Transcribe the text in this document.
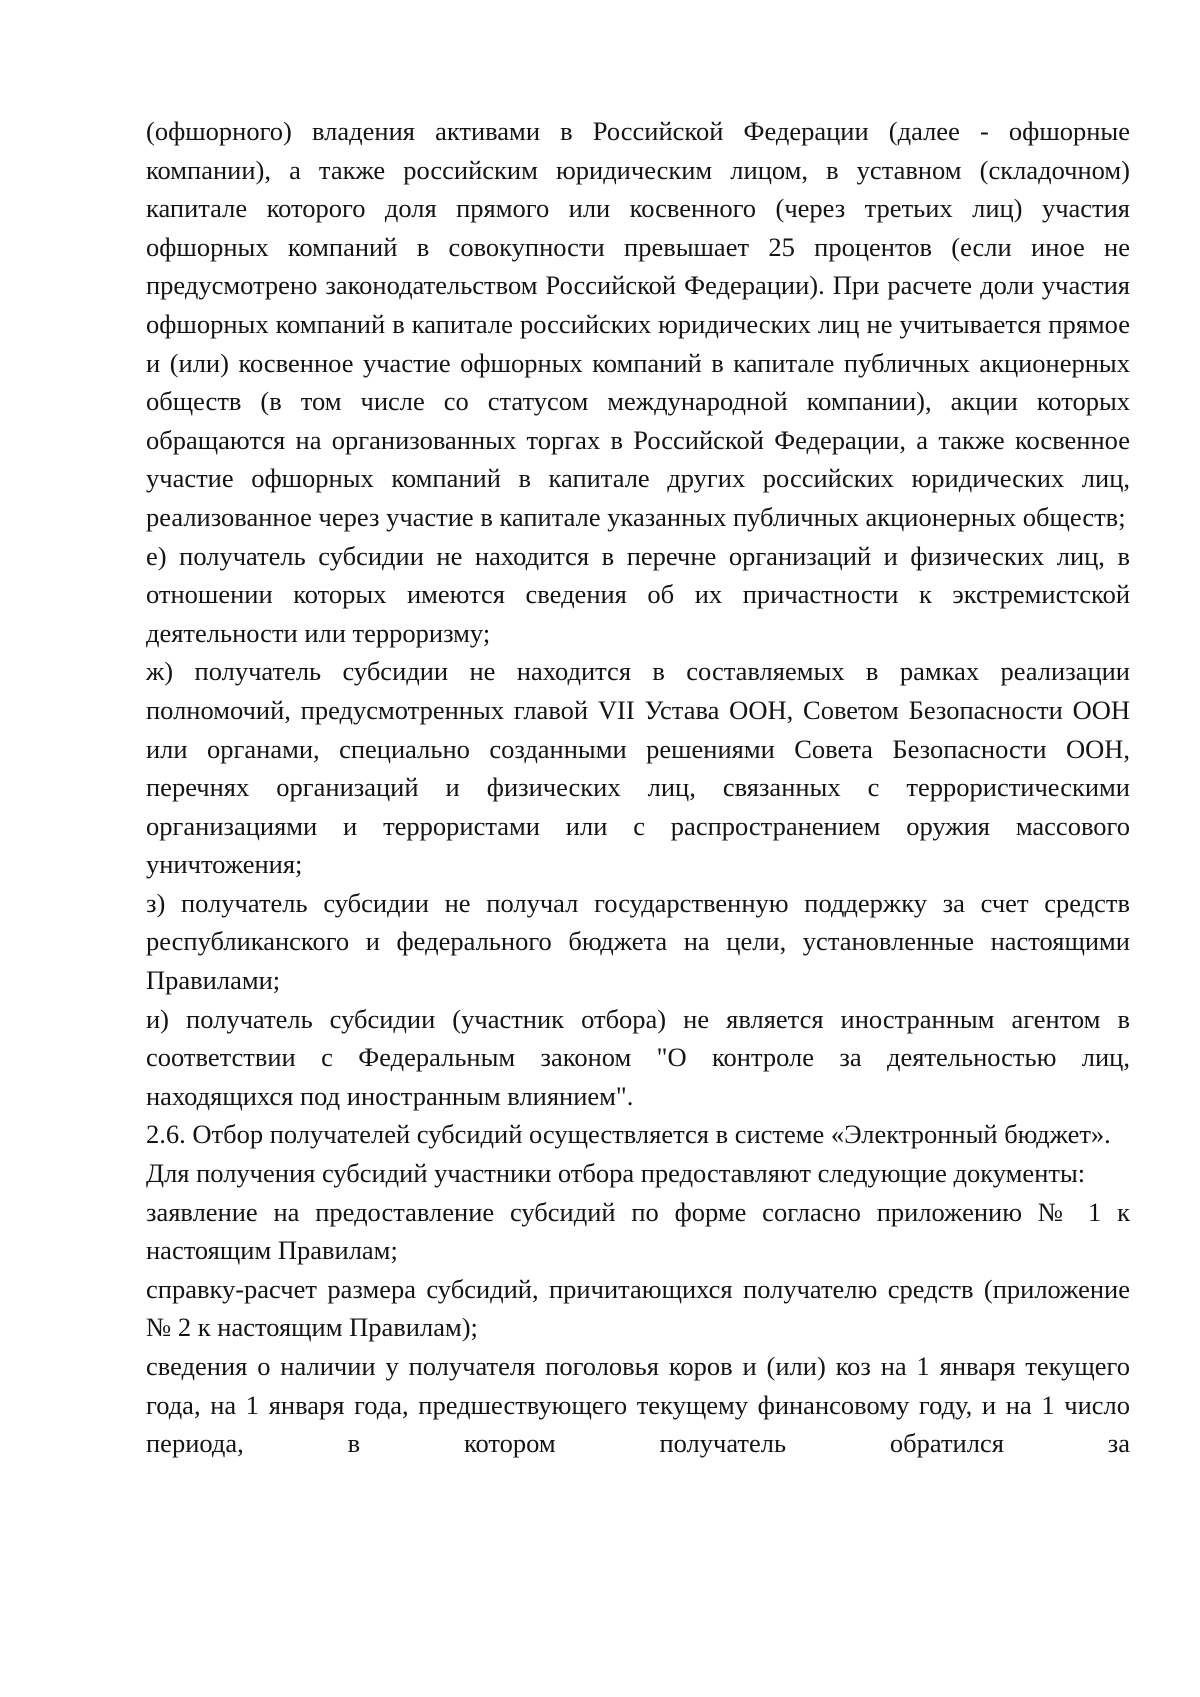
(офшорного) владения активами в Российской Федерации (далее - офшорные компании), а также российским юридическим лицом, в уставном (складочном) капитале которого доля прямого или косвенного (через третьих лиц) участия офшорных компаний в совокупности превышает 25 процентов (если иное не предусмотрено законодательством Российской Федерации). При расчете доли участия офшорных компаний в капитале российских юридических лиц не учитывается прямое и (или) косвенное участие офшорных компаний в капитале публичных акционерных обществ (в том числе со статусом международной компании), акции которых обращаются на организованных торгах в Российской Федерации, а также косвенное участие офшорных компаний в капитале других российских юридических лиц, реализованное через участие в капитале указанных публичных акционерных обществ;

е) получатель субсидии не находится в перечне организаций и физических лиц, в отношении которых имеются сведения об их причастности к экстремистской деятельности или терроризму;

ж) получатель субсидии не находится в составляемых в рамках реализации полномочий, предусмотренных главой VII Устава ООН, Советом Безопасности ООН или органами, специально созданными решениями Совета Безопасности ООН, перечнях организаций и физических лиц, связанных с террористическими организациями и террористами или с распространением оружия массового уничтожения;

з) получатель субсидии не получал государственную поддержку за счет средств республиканского и федерального бюджета на цели, установленные настоящими Правилами;

и) получатель субсидии (участник отбора) не является иностранным агентом в соответствии с Федеральным законом "О контроле за деятельностью лиц, находящихся под иностранным влиянием".

2.6. Отбор получателей субсидий осуществляется в системе «Электронный бюджет».

Для получения субсидий участники отбора предоставляют следующие документы:

заявление на предоставление субсидий по форме согласно приложению № 1 к настоящим Правилам;

справку-расчет размера субсидий, причитающихся получателю средств (приложение № 2 к настоящим Правилам);

сведения о наличии у получателя поголовья коров и (или) коз на 1 января текущего года, на 1 января года, предшествующего текущему финансовому году, и на 1 число периода, в котором получатель обратился за
